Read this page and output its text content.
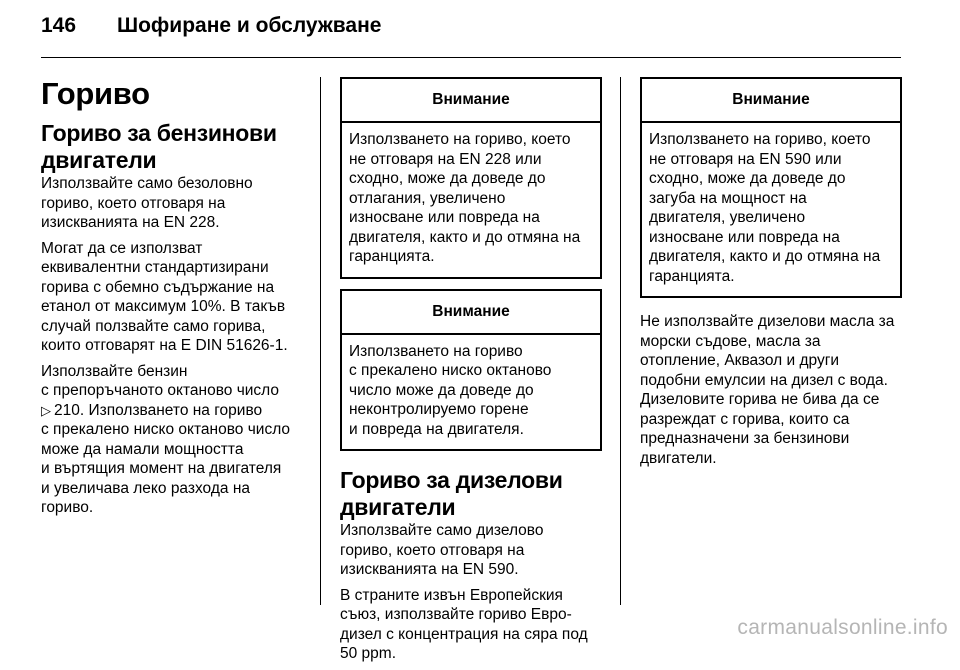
146 Шофиране и обслужване
Гориво
Гориво за бензинови двигатели

Използвайте само безоловно
гориво, което отговаря на
изискванията на EN 228.

Могат да се използват
еквивалентни стандартизирани
горива с обемно съдържание на
етанол от максимум 10%. В такъв
случай ползвайте само горива,
които отговарят на E DIN 51626-1.

Използвайте бензин
с препоръчаното октаново число
▷ 210. Използването на гориво
с прекалено ниско октаново число
може да намали мощността
и въртящия момент на двигателя
и увеличава леко разхода на
гориво.

Внимание
Използването на гориво, което
не отговаря на EN 228 или
сходно, може да доведе до
отлагания, увеличено
износване или повреда на
двигателя, както и до отмяна на
гаранцията.
Внимание
Използването на гориво
с прекалено ниско октаново
число може да доведе до
неконтролируемо горене
и повреда на двигателя.
Гориво за дизелови двигатели

Използвайте само дизелово
гориво, което отговаря на
изискванията на EN 590.

В страните извън Европейския
съюз, използвайте гориво Евро-
дизел с концентрация на сяра под
50 ppm.

Внимание
Използването на гориво, което
не отговаря на EN 590 или
сходно, може да доведе до
загуба на мощност на
двигателя, увеличено
износване или повреда на
двигателя, както и до отмяна на
гаранцията.

Не използвайте дизелови масла за
морски съдове, масла за
отопление, Аквазол и други
подобни емулсии на дизел с вода.
Дизеловите горива не бива да се
разреждат с горива, които са
предназначени за бензинови
двигатели.

carmanualsonline.info
